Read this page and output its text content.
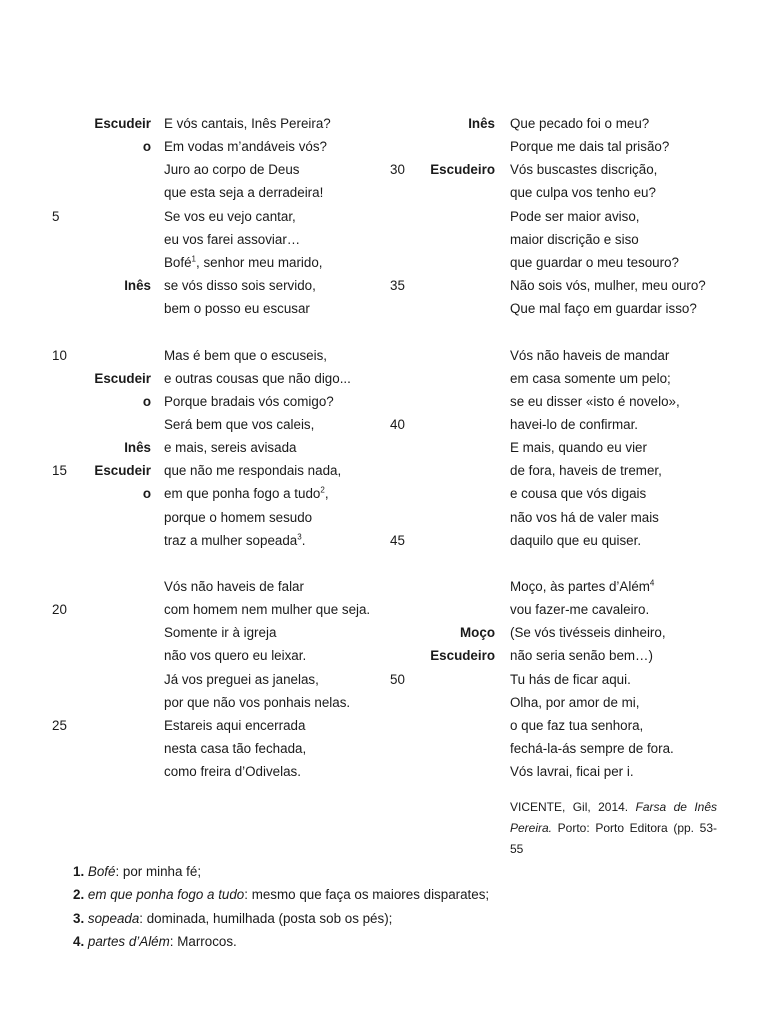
Escudeir E vós cantais, Inês Pereira?
o Em vodas m’andáveis vós?
Juro ao corpo de Deus
que esta seja a derradeira!
5	Se vos eu vejo cantar,
eu vos farei assoviar…
Bofé$^1$, senhor meu marido,
Inês se vós disso sois servido,
bem o posso eu escusar
10	Mas é bem que o escuseis,
Escudeir e outras cousas que não digo...
o Porque bradais vós comigo?
Será bem que vos caleis,
Inês e mais, sereis avisada
15	Escudeir que não me respondais nada,
o em que ponha fogo a tudo$^2$,
porque o homem sesudo
traz a mulher sopeada$^3$.
Vós não haveis de falar
20	com homem nem mulher que seja.
Somente ir à igreja
não vos quero eu leixar.
Já vos preguei as janelas,
por que não vos ponhais nelas.
25	Estareis aqui encerrada
nesta casa tão fechada,
como freira d’Odivelas.
Inês Que pecado foi o meu?
Porque me dais tal prisão?
30	Escudeiro Vós buscastes discrição,
que culpa vos tenho eu?
Pode ser maior aviso,
maior discrição e siso
que guardar o meu tesouro?
35	Não sois vós, mulher, meu ouro?
Que mal faço em guardar isso?
Vós não haveis de mandar
em casa somente um pelo;
se eu disser «isto é novelo»,
40	havei-lo de confirmar.
E mais, quando eu vier
de fora, haveis de tremer,
e cousa que vós digais
não vos há de valer mais
45	daquilo que eu quiser.
Moço, às partes d’Além$^4$
vou fazer-me cavaleiro.
Moço (Se vós tivésseis dinheiro,
Escudeiro não seria senão bem…)
50	Tu hás de ficar aqui.
Olha, por amor de mi,
o que faz tua senhora,
fechá-la-ás sempre de fora.
Vós lavrai, ficai per i.
VICENTE, Gil, 2014. Farsa de Inês Pereira. Porto: Porto Editora (pp. 53-55
1. Bofé: por minha fé;
2. em que ponha fogo a tudo: mesmo que faça os maiores disparates;
3. sopeada: dominada, humilhada (posta sob os pés);
4. partes d’Além: Marrocos.
